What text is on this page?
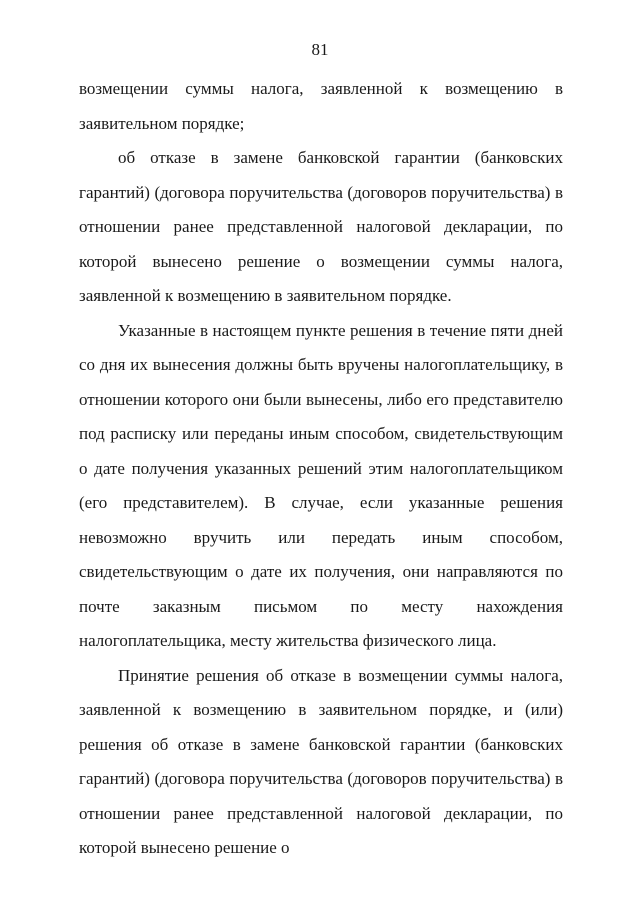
81

возмещении суммы налога, заявленной к возмещению в заявительном порядке;

об отказе в замене банковской гарантии (банковских гарантий) (договора поручительства (договоров поручительства) в отношении ранее представленной налоговой декларации, по которой вынесено решение о возмещении суммы налога, заявленной к возмещению в заявительном порядке.

Указанные в настоящем пункте решения в течение пяти дней со дня их вынесения должны быть вручены налогоплательщику, в отношении которого они были вынесены, либо его представителю под расписку или переданы иным способом, свидетельствующим о дате получения указанных решений этим налогоплательщиком (его представителем). В случае, если указанные решения невозможно вручить или передать иным способом, свидетельствующим о дате их получения, они направляются по почте заказным письмом по месту нахождения налогоплательщика, месту жительства физического лица.

Принятие решения об отказе в возмещении суммы налога, заявленной к возмещению в заявительном порядке, и (или) решения об отказе в замене банковской гарантии (банковских гарантий) (договора поручительства (договоров поручительства) в отношении ранее представленной налоговой декларации, по которой вынесено решение о
